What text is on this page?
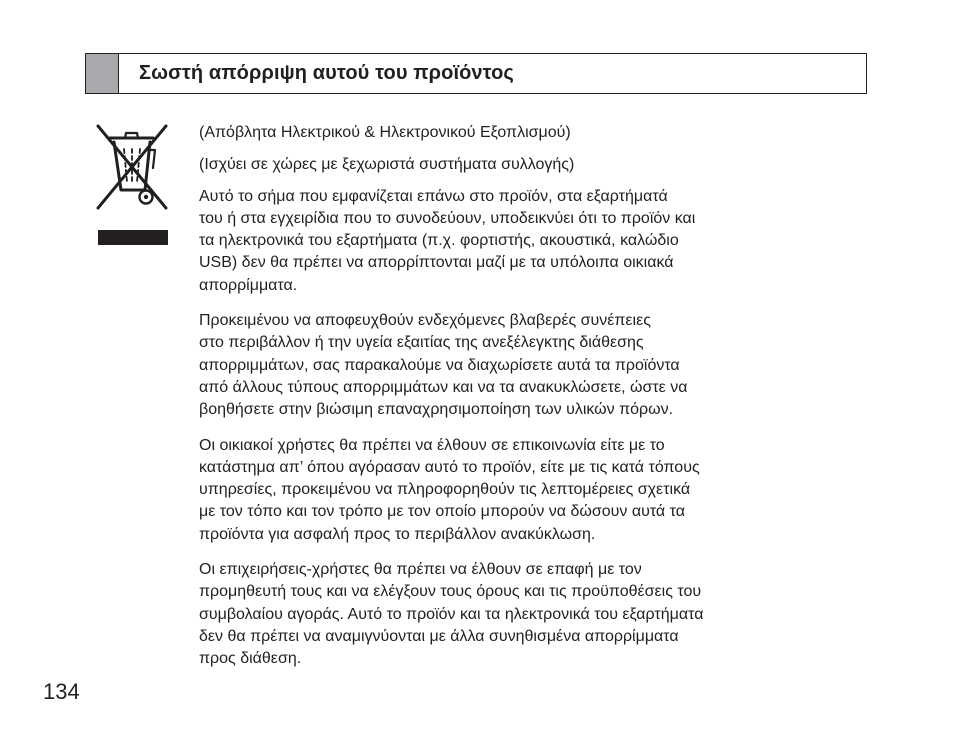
Σωστή απόρριψη αυτού του προϊόντος

(Απόβλητα Ηλεκτρικού & Ηλεκτρονικού Εξοπλισμού)

(Ισχύει σε χώρες με ξεχωριστά συστήματα συλλογής)

Αυτό το σήμα που εμφανίζεται επάνω στο προϊόν, στα εξαρτήματά
του ή στα εγχειρίδια που το συνοδεύουν, υποδεικνύει ότι το προϊόν και
τα ηλεκτρονικά του εξαρτήματα (π.χ. φορτιστής, ακουστικά, καλώδιο
USB) δεν θα πρέπει να απορρίπτονται μαζί με τα υπόλοιπα οικιακά
απορρίμματα.

Προκειμένου να αποφευχθούν ενδεχόμενες βλαβερές συνέπειες
στο περιβάλλον ή την υγεία εξαιτίας της ανεξέλεγκτης διάθεσης
απορριμμάτων, σας παρακαλούμε να διαχωρίσετε αυτά τα προϊόντα
από άλλους τύπους απορριμμάτων και να τα ανακυκλώσετε, ώστε να
βοηθήσετε στην βιώσιμη επαναχρησιμοποίηση των υλικών πόρων.

Οι οικιακοί χρήστες θα πρέπει να έλθουν σε επικοινωνία είτε με το
κατάστημα απ’ όπου αγόρασαν αυτό το προϊόν, είτε με τις κατά τόπους
υπηρεσίες, προκειμένου να πληροφορηθούν τις λεπτομέρειες σχετικά
με τον τόπο και τον τρόπο με τον οποίο μπορούν να δώσουν αυτά τα
προϊόντα για ασφαλή προς το περιβάλλον ανακύκλωση.

Οι επιχειρήσεις-χρήστες θα πρέπει να έλθουν σε επαφή με τον
προμηθευτή τους και να ελέγξουν τους όρους και τις προϋποθέσεις του
συμβολαίου αγοράς. Αυτό το προϊόν και τα ηλεκτρονικά του εξαρτήματα
δεν θα πρέπει να αναμιγνύονται με άλλα συνηθισμένα απορρίμματα
προς διάθεση.

134
